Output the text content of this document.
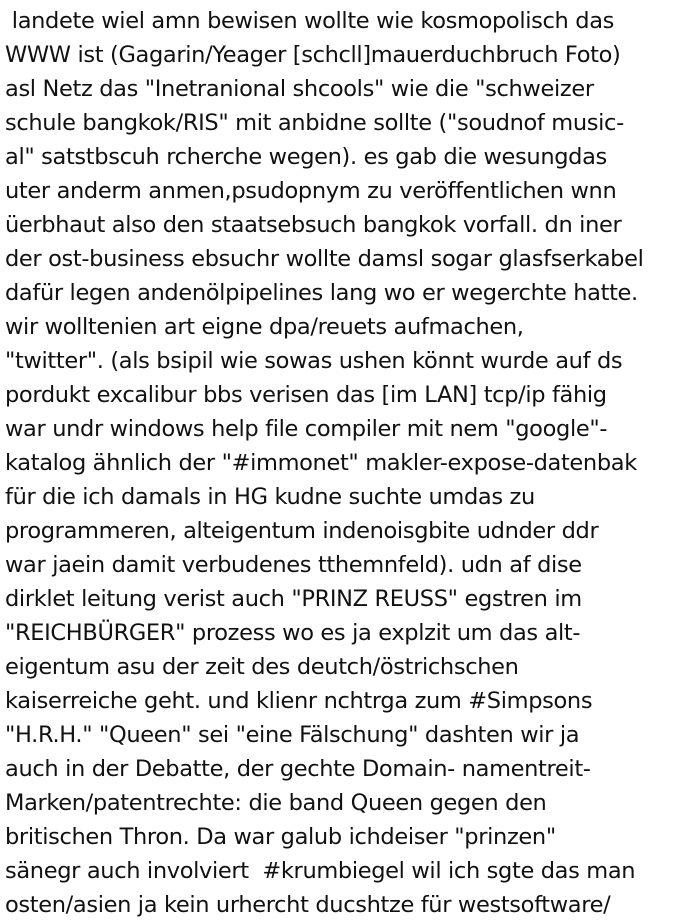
landete wiel amn bewisen wollte wie kosmopolisch das
WWW ist (Gagarin/Yeager [schcll]mauerduchbruch Foto)
asl Netz das "Inetranional shcools" wie die "schweizer
schule bangkok/RIS" mit anbidne sollte ("soudnof music-
al" satstbscuh rcherche wegen). es gab die wesungdas
uter anderm anmen,psudopnym zu veröffentlichen wnn
üerbhaut also den staatsebsuch bangkok vorfall. dn iner
der ost-business ebsuchr wollte damsl sogar glasfserkabel
dafür legen andenölpipelines lang wo er wegerchte hatte.
wir wolltenien art eigne dpa/reuets aufmachen,
"twitter". (als bsipil wie sowas ushen könnt wurde auf ds
pordukt excalibur bbs verisen das [im LAN] tcp/ip fähig
war undr windows help file compiler mit nem "google"-
katalog ähnlich der "#immonet" makler-expose-datenbak
für die ich damals in HG kudne suchte umdas zu
programmeren, alteigentum indenoisgbite udnder ddr
war jaein damit verbudenes tthemnfeld). udn af dise
dirklet leitung verist auch "PRINZ REUSS" egstren im
"REICHBÜRGER" prozess wo es ja explzit um das alt-
eigentum asu der zeit des deutch/östrichschen
kaiserreiche geht. und klienr nchtrga zum #Simpsons
"H.R.H." "Queen" sei "eine Fälschung" dashten wir ja
auch in der Debatte, der gechte Domain- namentreit-
Marken/patentrechte: die band Queen gegen den
britischen Thron. Da war galub ichdeiser "prinzen"
sänegr auch involviert  #krumbiegel wil ich sgte das man
osten/asien ja kein urhercht ducshtze für westsoftware/
